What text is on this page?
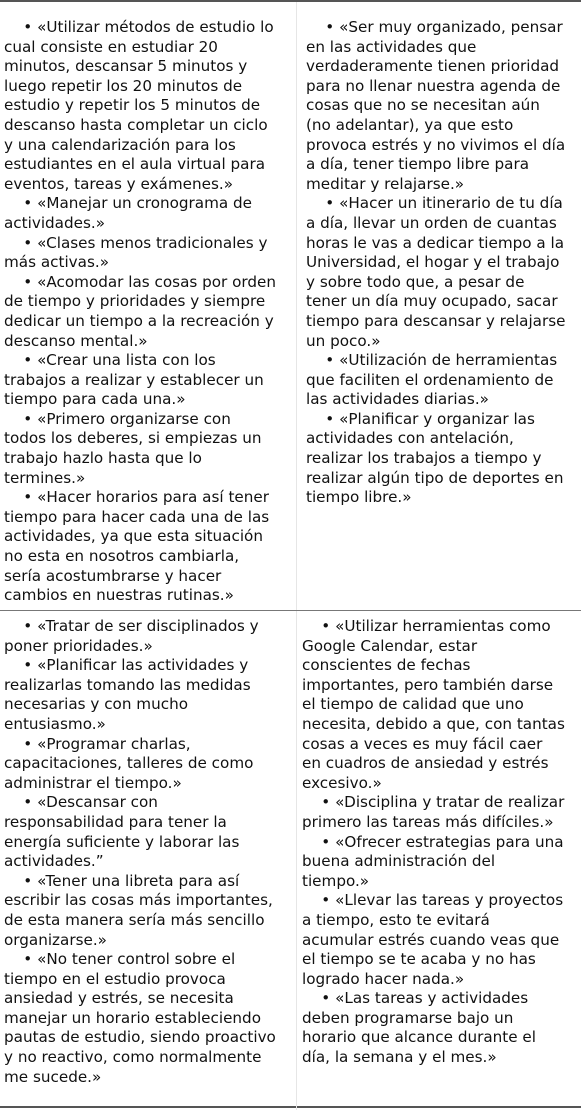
• «Utilizar métodos de estudio lo
cual consiste en estudiar 20
minutos, descansar 5 minutos y
luego repetir los 20 minutos de
estudio y repetir los 5 minutos de
descanso hasta completar un ciclo
y una calendarización para los
estudiantes en el aula virtual para
eventos, tareas y exámenes.»
• «Manejar un cronograma de
actividades.»
• «Clases menos tradicionales y
más activas.»
• «Acomodar las cosas por orden
de tiempo y prioridades y siempre
dedicar un tiempo a la recreación y
descanso mental.»
• «Crear una lista con los
trabajos a realizar y establecer un
tiempo para cada una.»
• «Primero organizarse con
todos los deberes, si empiezas un
trabajo hazlo hasta que lo
termines.»
• «Hacer horarios para así tener
tiempo para hacer cada una de las
actividades, ya que esta situación
no esta en nosotros cambiarla,
sería acostumbrarse y hacer
cambios en nuestras rutinas.»
• «Ser muy organizado, pensar
en las actividades que
verdaderamente tienen prioridad
para no llenar nuestra agenda de
cosas que no se necesitan aún
(no adelantar), ya que esto
provoca estrés y no vivimos el día
a día, tener tiempo libre para
meditar y relajarse.»
• «Hacer un itinerario de tu día
a día, llevar un orden de cuantas
horas le vas a dedicar tiempo a la
Universidad, el hogar y el trabajo
y sobre todo que, a pesar de
tener un día muy ocupado, sacar
tiempo para descansar y relajarse
un poco.»
• «Utilización de herramientas
que faciliten el ordenamiento de
las actividades diarias.»
• «Planificar y organizar las
actividades con antelación,
realizar los trabajos a tiempo y
realizar algún tipo de deportes en
tiempo libre.»
• «Tratar de ser disciplinados y
poner prioridades.»
• «Planificar las actividades y
realizarlas tomando las medidas
necesarias y con mucho
entusiasmo.»
• «Programar charlas,
capacitaciones, talleres de como
administrar el tiempo.»
• «Descansar con
responsabilidad para tener la
energía suficiente y laborar las
actividades.”
• «Tener una libreta para así
escribir las cosas más importantes,
de esta manera sería más sencillo
organizarse.»
• «No tener control sobre el
tiempo en el estudio provoca
ansiedad y estrés, se necesita
manejar un horario estableciendo
pautas de estudio, siendo proactivo
y no reactivo, como normalmente
me sucede.»
• «Utilizar herramientas como
Google Calendar, estar
conscientes de fechas
importantes, pero también darse
el tiempo de calidad que uno
necesita, debido a que, con tantas
cosas a veces es muy fácil caer
en cuadros de ansiedad y estrés
excesivo.»
• «Disciplina y tratar de realizar
primero las tareas más difíciles.»
• «Ofrecer estrategias para una
buena administración del
tiempo.»
• «Llevar las tareas y proyectos
a tiempo, esto te evitará
acumular estrés cuando veas que
el tiempo se te acaba y no has
logrado hacer nada.»
• «Las tareas y actividades
deben programarse bajo un
horario que alcance durante el
día, la semana y el mes.»
